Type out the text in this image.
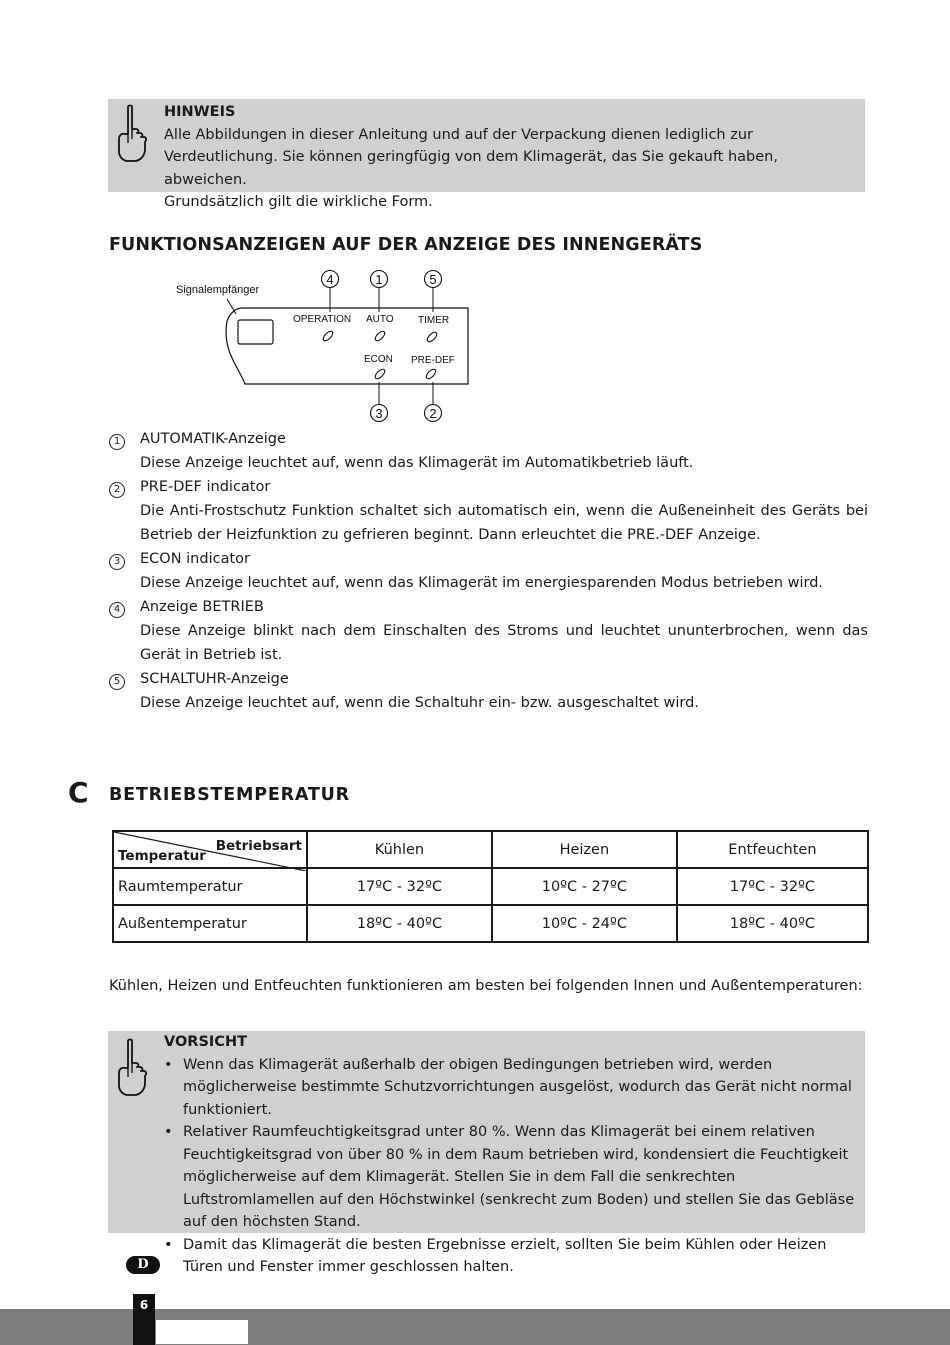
HINWEIS
Alle Abbildungen in dieser Anleitung und auf der Verpackung dienen lediglich zur
Verdeutlichung. Sie können geringfügig von dem Klimagerät, das Sie gekauft haben, abweichen.
Grundsätzlich gilt die wirkliche Form.
FUNKTIONSANZEIGEN AUF DER ANZEIGE DES INNENGERÄTS
Signalempfänger
OPERATION AUTO TIMER
ECON PRE-DEF
4	1	5
3	2
1	AUTOMATIK-Anzeige
Diese Anzeige leuchtet auf, wenn das Klimagerät im Automatikbetrieb läuft.
2	PRE-DEF indicator
Die Anti-Frostschutz Funktion schaltet sich automatisch ein, wenn die Außeneinheit des Geräts bei Betrieb der Heizfunktion zu gefrieren beginnt. Dann erleuchtet die PRE.-DEF Anzeige.
3	ECON indicator
Diese Anzeige leuchtet auf, wenn das Klimagerät im energiesparenden Modus betrieben wird.
4	Anzeige BETRIEB
Diese Anzeige blinkt nach dem Einschalten des Stroms und leuchtet ununterbrochen, wenn das Gerät in Betrieb ist.
5	SCHALTUHR-Anzeige
Diese Anzeige leuchtet auf, wenn die Schaltuhr ein- bzw. ausgeschaltet wird.
C BETRIEBSTEMPERATUR
Betriebsart
Temperatur	Kühlen	Heizen	Entfeuchten
Raumtemperatur	17ºC - 32ºC	10ºC - 27ºC	17ºC - 32ºC
Außentemperatur	18ºC - 40ºC	10ºC - 24ºC	18ºC - 40ºC
Kühlen, Heizen und Entfeuchten funktionieren am besten bei folgenden Innen und Außentemperaturen:
VORSICHT
• Wenn das Klimagerät außerhalb der obigen Bedingungen betrieben wird, werden möglicherweise bestimmte Schutzvorrichtungen ausgelöst, wodurch das Gerät nicht normal funktioniert.
• Relativer Raumfeuchtigkeitsgrad unter 80 %. Wenn das Klimagerät bei einem relativen Feuchtigkeitsgrad von über 80 % in dem Raum betrieben wird, kondensiert die Feuchtigkeit möglicherweise auf dem Klimagerät. Stellen Sie in dem Fall die senkrechten Luftstromlamellen auf den Höchstwinkel (senkrecht zum Boden) und stellen Sie das Gebläse auf den höchsten Stand.
• Damit das Klimagerät die besten Ergebnisse erzielt, sollten Sie beim Kühlen oder Heizen Türen und Fenster immer geschlossen halten.
D
6
